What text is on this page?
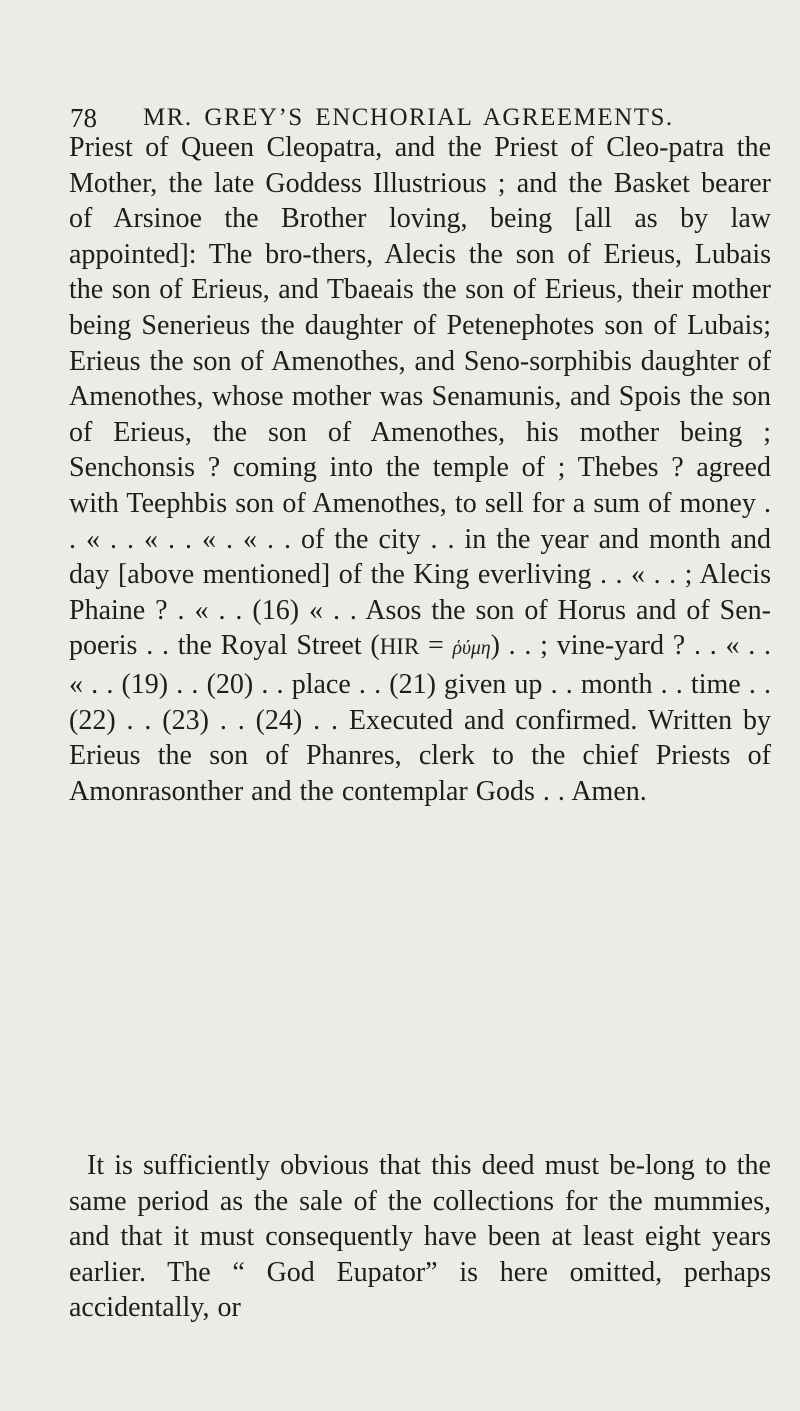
78 MR. GREY’S ENCHORIAL AGREEMENTS.

Priest of Queen Cleopatra, and the Priest of Cleo-patra the Mother, the late Goddess Illustrious ; and the Basket bearer of Arsinoe the Brother loving, being [all as by law appointed]: The bro-thers, Alecis the son of Erieus, Lubais the son of Erieus, and Tbaeais the son of Erieus, their mother being Senerieus the daughter of Petenephotes son of Lubais; Erieus the son of Amenothes, and Seno-sorphibis daughter of Amenothes, whose mother was Senamunis, and Spois the son of Erieus, the son of Amenothes, his mother being ; Senchonsis ? coming into the temple of ; Thebes ? agreed with Teephbis son of Amenothes, to sell for a sum of money . . « . . « . . « . « . . of the city . . in the year and month and day [above mentioned] of the King everliving . . « . . ; Alecis Phaine ? . « . . (16) « . . Asos the son of Horus and of Sen-poeris . . the Royal Street (HIR = ῥύμη) . . ; vine-yard ? . . « . . « . . (19) . . (20) . . place . . (21) given up . . month . . time . . (22) . . (23) . . (24) . . Executed and confirmed. Written by Erieus the son of Phanres, clerk to the chief Priests of Amonrasonther and the contemplar Gods . . Amen.

It is sufficiently obvious that this deed must be-long to the same period as the sale of the collections for the mummies, and that it must consequently have been at least eight years earlier. The “ God Eupator” is here omitted, perhaps accidentally, or
